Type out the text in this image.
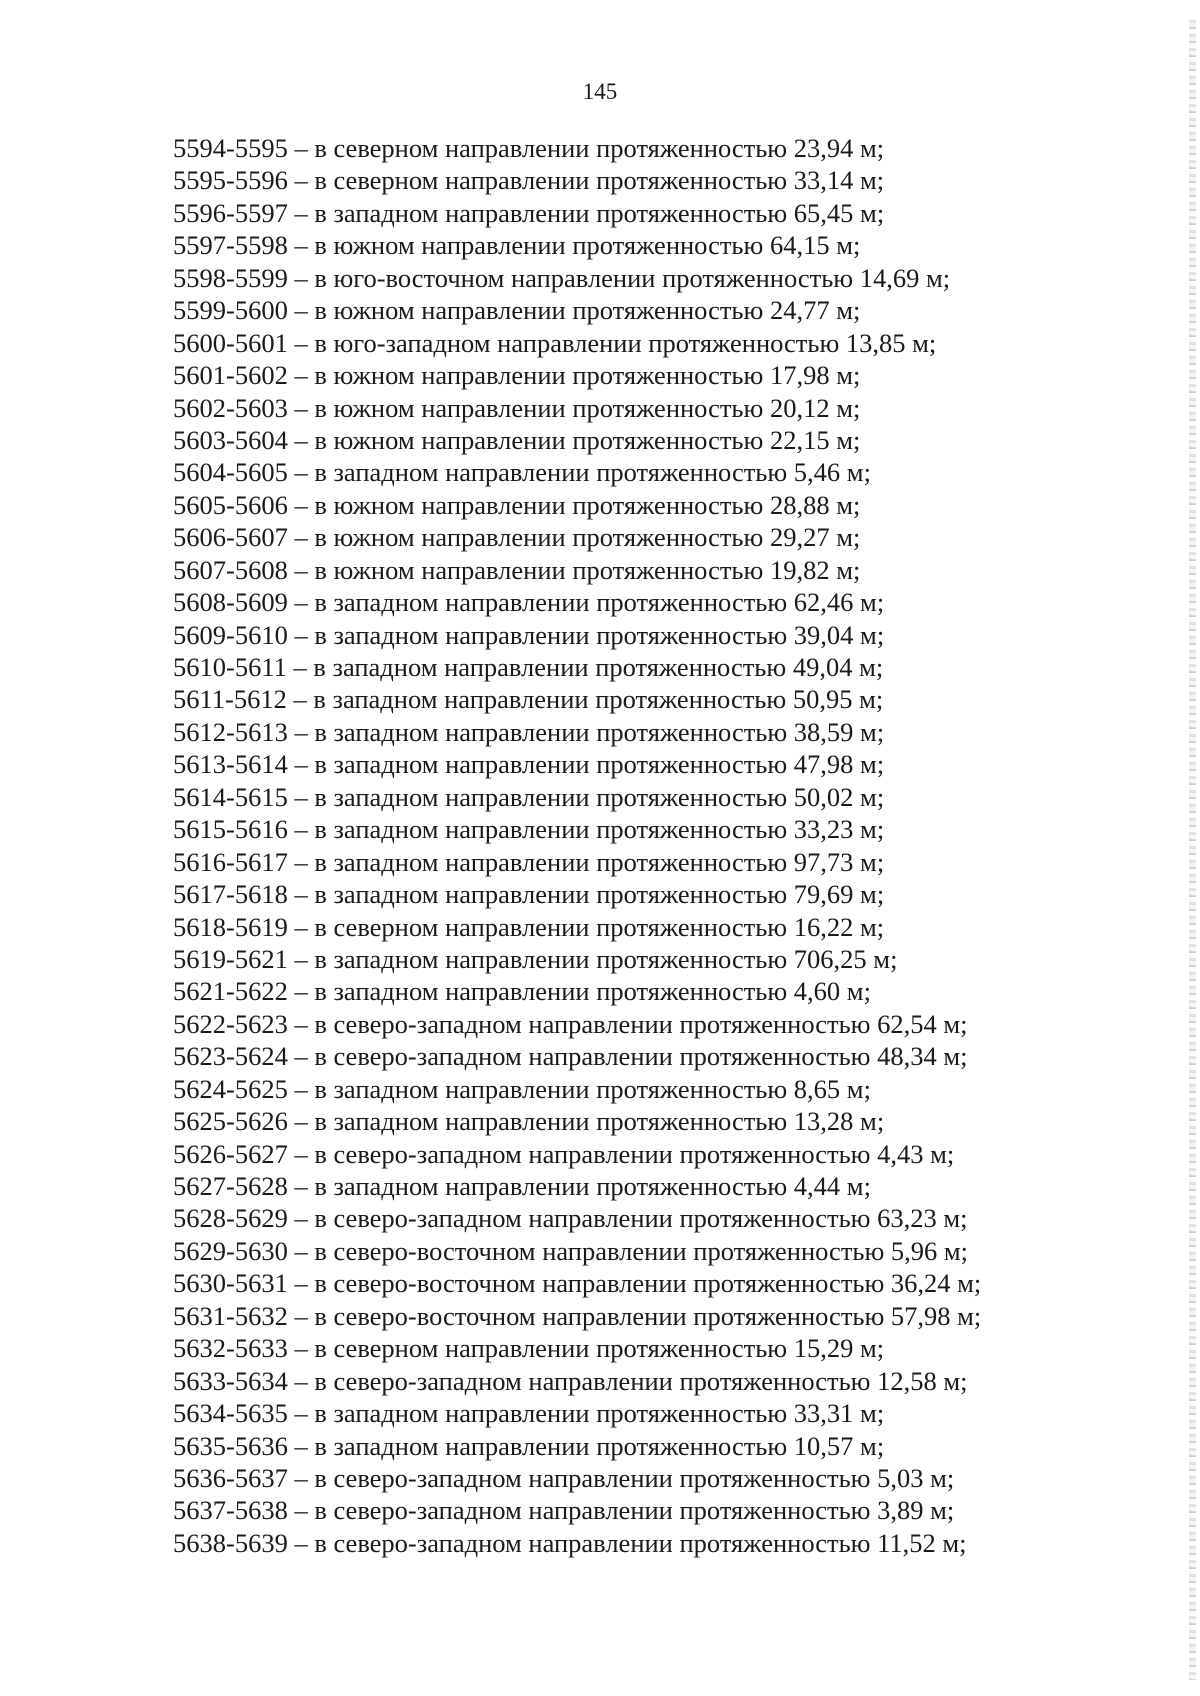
145
5594-5595 – в северном направлении протяженностью 23,94 м;
5595-5596 – в северном направлении протяженностью 33,14 м;
5596-5597 – в западном направлении протяженностью 65,45 м;
5597-5598 – в южном направлении протяженностью 64,15 м;
5598-5599 – в юго-восточном направлении протяженностью 14,69 м;
5599-5600 – в южном направлении протяженностью 24,77 м;
5600-5601 – в юго-западном направлении протяженностью 13,85 м;
5601-5602 – в южном направлении протяженностью 17,98 м;
5602-5603 – в южном направлении протяженностью 20,12 м;
5603-5604 – в южном направлении протяженностью 22,15 м;
5604-5605 – в западном направлении протяженностью 5,46 м;
5605-5606 – в южном направлении протяженностью 28,88 м;
5606-5607 – в южном направлении протяженностью 29,27 м;
5607-5608 – в южном направлении протяженностью 19,82 м;
5608-5609 – в западном направлении протяженностью 62,46 м;
5609-5610 – в западном направлении протяженностью 39,04 м;
5610-5611 – в западном направлении протяженностью 49,04 м;
5611-5612 – в западном направлении протяженностью 50,95 м;
5612-5613 – в западном направлении протяженностью 38,59 м;
5613-5614 – в западном направлении протяженностью 47,98 м;
5614-5615 – в западном направлении протяженностью 50,02 м;
5615-5616 – в западном направлении протяженностью 33,23 м;
5616-5617 – в западном направлении протяженностью 97,73 м;
5617-5618 – в западном направлении протяженностью 79,69 м;
5618-5619 – в северном направлении протяженностью 16,22 м;
5619-5621 – в западном направлении протяженностью 706,25 м;
5621-5622 – в западном направлении протяженностью 4,60 м;
5622-5623 – в северо-западном направлении протяженностью 62,54 м;
5623-5624 – в северо-западном направлении протяженностью 48,34 м;
5624-5625 – в западном направлении протяженностью 8,65 м;
5625-5626 – в западном направлении протяженностью 13,28 м;
5626-5627 – в северо-западном направлении протяженностью 4,43 м;
5627-5628 – в западном направлении протяженностью 4,44 м;
5628-5629 – в северо-западном направлении протяженностью 63,23 м;
5629-5630 – в северо-восточном направлении протяженностью 5,96 м;
5630-5631 – в северо-восточном направлении протяженностью 36,24 м;
5631-5632 – в северо-восточном направлении протяженностью 57,98 м;
5632-5633 – в северном направлении протяженностью 15,29 м;
5633-5634 – в северо-западном направлении протяженностью 12,58 м;
5634-5635 – в западном направлении протяженностью 33,31 м;
5635-5636 – в западном направлении протяженностью 10,57 м;
5636-5637 – в северо-западном направлении протяженностью 5,03 м;
5637-5638 – в северо-западном направлении протяженностью 3,89 м;
5638-5639 – в северо-западном направлении протяженностью 11,52 м;
